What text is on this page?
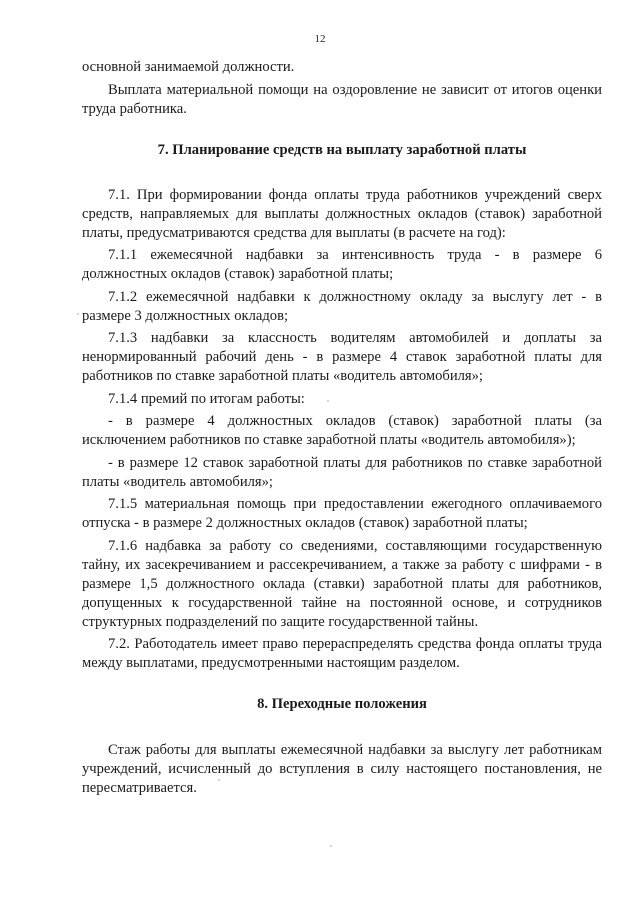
12

основной занимаемой должности.

Выплата материальной помощи на оздоровление не зависит от итогов оценки труда работника.

7. Планирование средств на выплату заработной платы

7.1. При формировании фонда оплаты труда работников учреждений сверх средств, направляемых для выплаты должностных окладов (ставок) заработной платы, предусматриваются средства для выплаты (в расчете на год):

7.1.1 ежемесячной надбавки за интенсивность труда - в размере 6 должностных окладов (ставок) заработной платы;

7.1.2 ежемесячной надбавки к должностному окладу за выслугу лет - в размере 3 должностных окладов;

7.1.3 надбавки за классность водителям автомобилей и доплаты за ненормированный рабочий день - в размере 4 ставок заработной платы для работников по ставке заработной платы «водитель автомобиля»;

7.1.4 премий по итогам работы:

- в размере 4 должностных окладов (ставок) заработной платы (за исключением работников по ставке заработной платы «водитель автомобиля»);

- в размере 12 ставок заработной платы для работников по ставке заработной платы «водитель автомобиля»;

7.1.5 материальная помощь при предоставлении ежегодного оплачиваемого отпуска - в размере 2 должностных окладов (ставок) заработной платы;

7.1.6 надбавка за работу со сведениями, составляющими государственную тайну, их засекречиванием и рассекречиванием, а также за работу с шифрами - в размере 1,5 должностного оклада (ставки) заработной платы для работников, допущенных к государственной тайне на постоянной основе, и сотрудников структурных подразделений по защите государственной тайны.

7.2. Работодатель имеет право перераспределять средства фонда оплаты труда между выплатами, предусмотренными настоящим разделом.

8. Переходные положения

Стаж работы для выплаты ежемесячной надбавки за выслугу лет работникам учреждений, исчисленный до вступления в силу настоящего постановления, не пересматривается.
